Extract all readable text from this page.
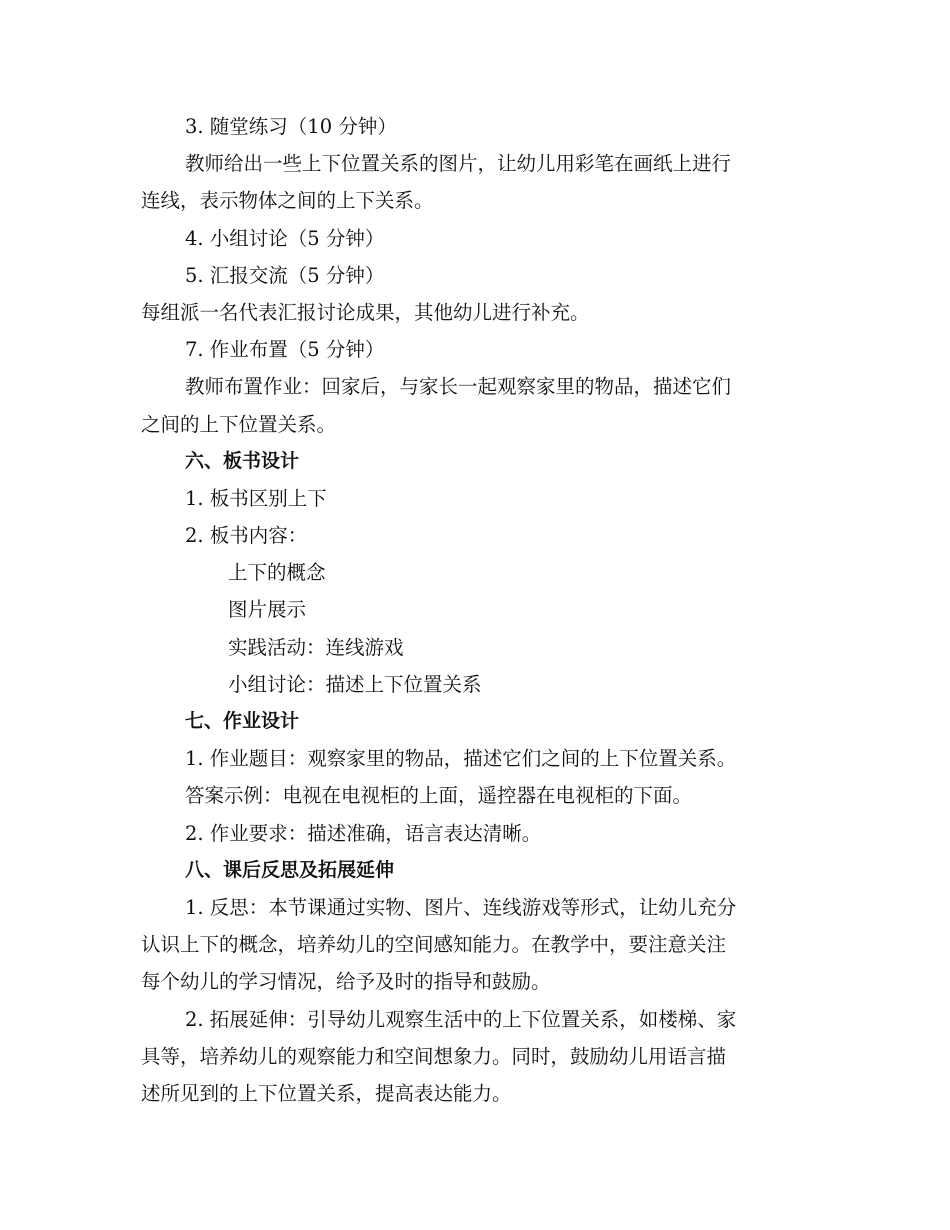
3. 随堂练习（10 分钟）
教师给出一些上下位置关系的图片，让幼儿用彩笔在画纸上进行
连线，表示物体之间的上下关系。
4. 小组讨论（5 分钟）
5. 汇报交流（5 分钟）
每组派一名代表汇报讨论成果，其他幼儿进行补充。
7. 作业布置（5 分钟）
教师布置作业：回家后，与家长一起观察家里的物品，描述它们
之间的上下位置关系。
六、板书设计
1. 板书区别上下
2. 板书内容：
上下的概念
图片展示
实践活动：连线游戏
小组讨论：描述上下位置关系
七、作业设计
1. 作业题目：观察家里的物品，描述它们之间的上下位置关系。
答案示例：电视在电视柜的上面，遥控器在电视柜的下面。
2. 作业要求：描述准确，语言表达清晰。
八、课后反思及拓展延伸
1. 反思：本节课通过实物、图片、连线游戏等形式，让幼儿充分
认识上下的概念，培养幼儿的空间感知能力。在教学中，要注意关注
每个幼儿的学习情况，给予及时的指导和鼓励。
2. 拓展延伸：引导幼儿观察生活中的上下位置关系，如楼梯、家
具等，培养幼儿的观察能力和空间想象力。同时，鼓励幼儿用语言描
述所见到的上下位置关系，提高表达能力。
